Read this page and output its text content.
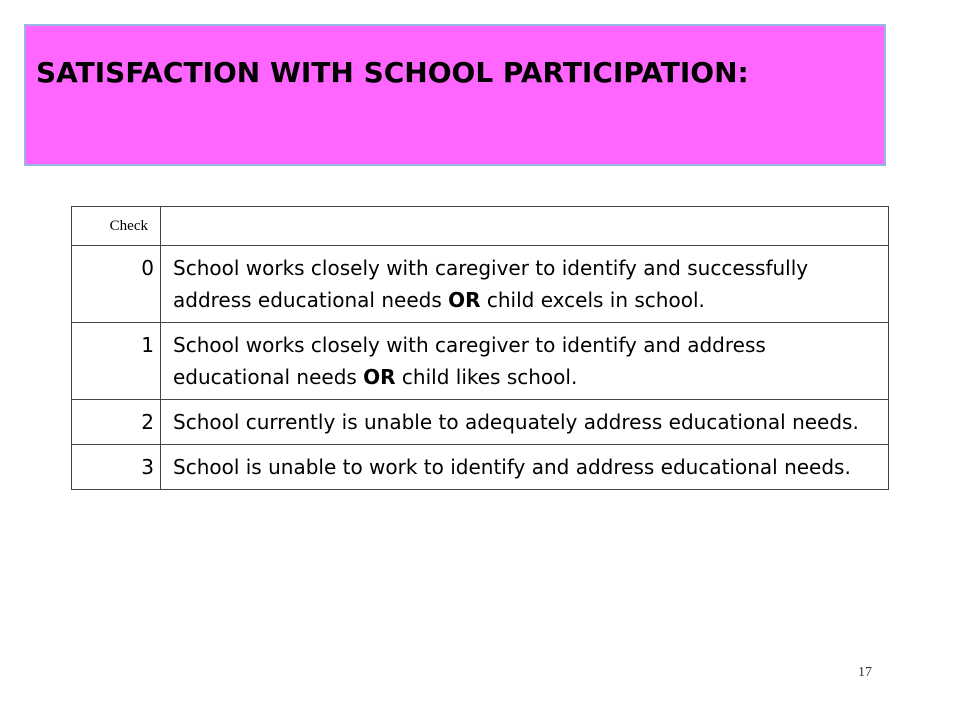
SATISFACTION WITH SCHOOL PARTICIPATION:
Check	
0	School works closely with caregiver to identify and successfully address educational needs OR child excels in school.

1	School works closely with caregiver to identify and address educational needs OR child likes school.

2	School currently is unable to adequately address educational needs.

3	School is unable to work to identify and address educational needs.
17
